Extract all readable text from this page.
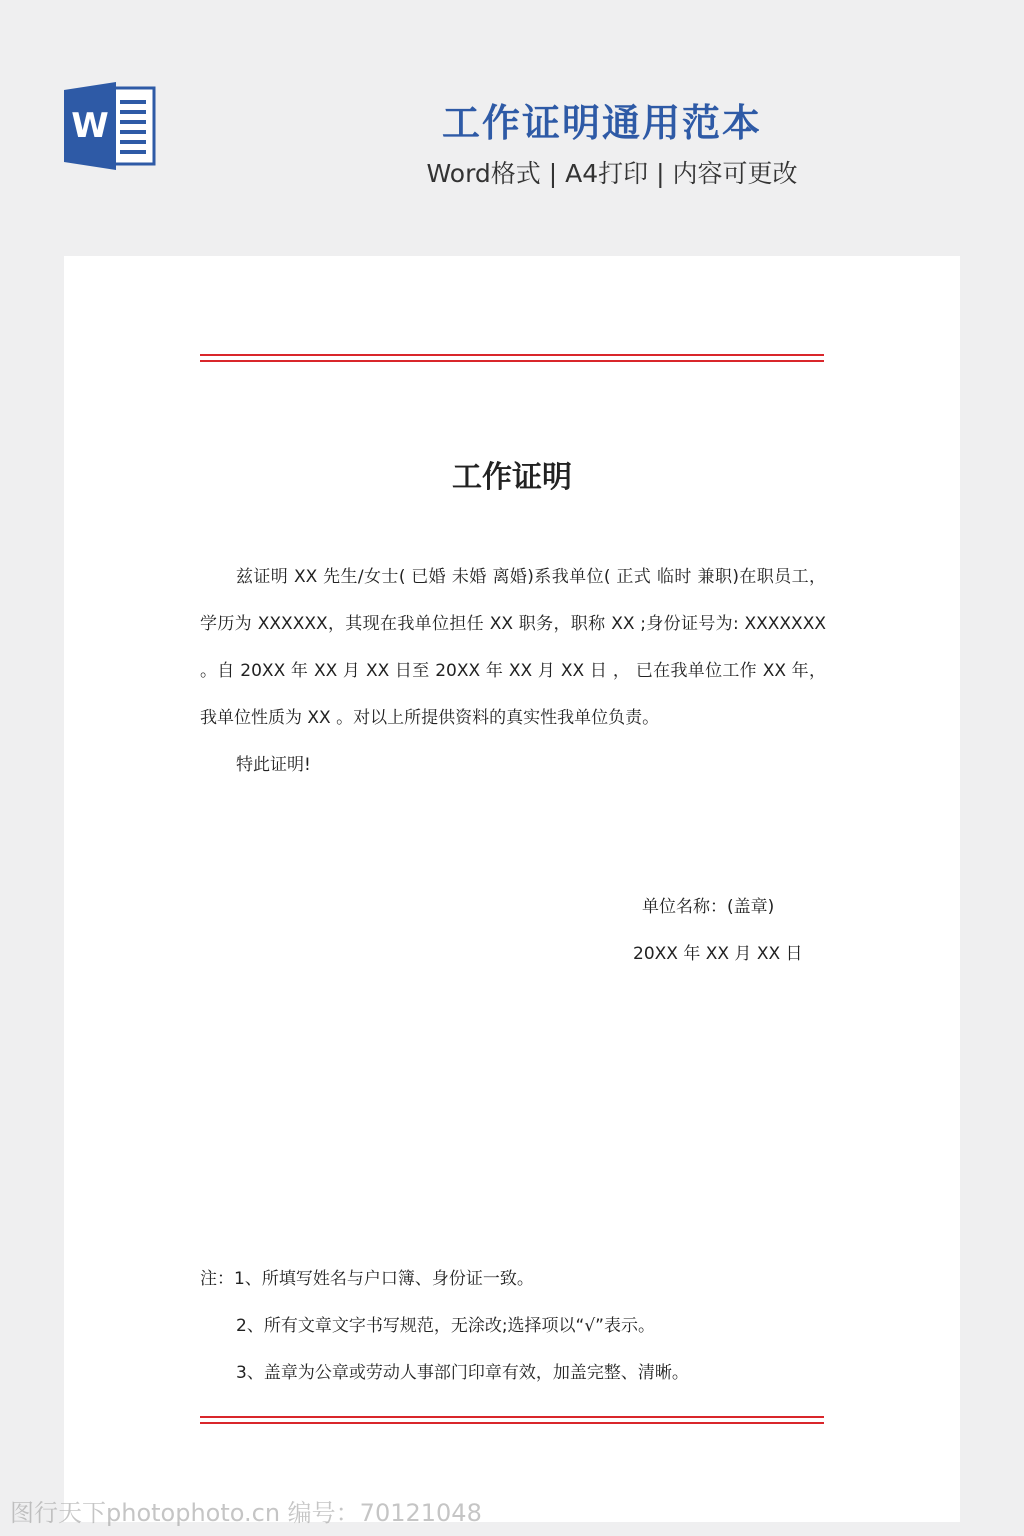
W	工作证明通用范本
Word格式 | A4打印 | 内容可更改
工作证明

兹证明 XX 先生/女士( 已婚 未婚 离婚)系我单位( 正式 临时 兼职)在职员工，学历为 XXXXXX，其现在我单位担任 XX 职务，职称 XX ;身份证号为: XXXXXXX 。自 20XX 年 XX 月 XX 日至 20XX 年 XX 月 XX 日 ， 已在我单位工作 XX 年，我单位性质为 XX 。对以上所提供资料的真实性我单位负责。

特此证明!

单位名称：(盖章)
20XX 年 XX 月 XX 日
注：1、所填写姓名与户口簿、身份证一致。
2、所有文章文字书写规范，无涂改;选择项以“√”表示。
3、盖章为公章或劳动人事部门印章有效，加盖完整、清晰。
图行天下photophoto.cn 编号：70121048
